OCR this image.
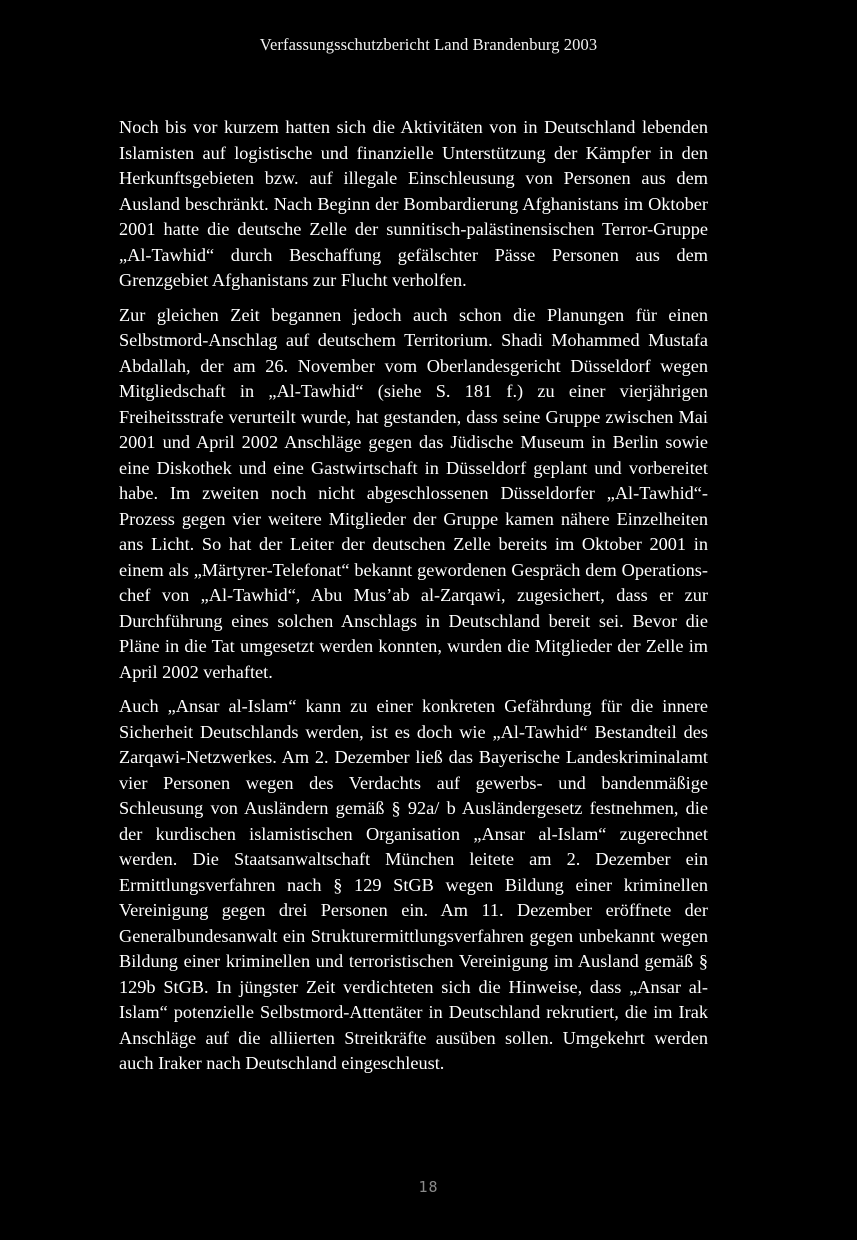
Verfassungsschutzbericht Land Brandenburg 2003

Noch bis vor kurzem hatten sich die Aktivitäten von in Deutschland lebenden Islamisten auf logistische und finanzielle Unterstützung der Kämpfer in den Herkunftsgebieten bzw. auf illegale Einschleusung von Personen aus dem Ausland beschränkt. Nach Beginn der Bombardierung Afghanistans im Oktober 2001 hatte die deutsche Zelle der sunnitisch-palästinensischen Terror-Gruppe „Al-Tawhid“ durch Beschaffung gefälschter Pässe Personen aus dem Grenzgebiet Afghanistans zur Flucht verholfen.

Zur gleichen Zeit begannen jedoch auch schon die Planungen für einen Selbstmord-Anschlag auf deutschem Territorium. Shadi Mohammed Mustafa Abdallah, der am 26. November vom Oberlandesgericht Düsseldorf wegen Mitgliedschaft in „Al-Tawhid“ (siehe S. 181 f.) zu einer vierjährigen Freiheitsstrafe verurteilt wurde, hat gestanden, dass seine Gruppe zwischen Mai 2001 und April 2002 Anschläge gegen das Jüdische Museum in Berlin sowie eine Diskothek und eine Gastwirtschaft in Düsseldorf geplant und vorbereitet habe. Im zweiten noch nicht abgeschlossenen Düsseldorfer „Al-Tawhid“-Prozess gegen vier weitere Mitglieder der Gruppe kamen nähere Einzelheiten ans Licht. So hat der Leiter der deutschen Zelle bereits im Oktober 2001 in einem als „Märtyrer-Telefonat“ bekannt gewordenen Gespräch dem Operationschef von „Al-Tawhid“, Abu Mus’ab al-Zarqawi, zugesichert, dass er zur Durchführung eines solchen Anschlags in Deutschland bereit sei. Bevor die Pläne in die Tat umgesetzt werden konnten, wurden die Mitglieder der Zelle im April 2002 verhaftet.

Auch „Ansar al-Islam“ kann zu einer konkreten Gefährdung für die innere Sicherheit Deutschlands werden, ist es doch wie „Al-Tawhid“ Bestandteil des Zarqawi-Netzwerkes. Am 2. Dezember ließ das Bayerische Landeskriminalamt vier Personen wegen des Verdachts auf gewerbs- und bandenmäßige Schleusung von Ausländern gemäß § 92a/ b Ausländergesetz festnehmen, die der kurdischen islamistischen Organisation „Ansar al-Islam“ zugerechnet werden. Die Staatsanwaltschaft München leitete am 2. Dezember ein Ermittlungsverfahren nach § 129 StGB wegen Bildung einer kriminellen Vereinigung gegen drei Personen ein. Am 11. Dezember eröffnete der Generalbundesanwalt ein Strukturermittlungsverfahren gegen unbekannt wegen Bildung einer kriminellen und terroristischen Vereinigung im Ausland gemäß § 129b StGB. In jüngster Zeit verdichteten sich die Hinweise, dass „Ansar al-Islam“ potenzielle Selbstmord-Attentäter in Deutschland rekrutiert, die im Irak Anschläge auf die alliierten Streitkräfte ausüben sollen. Umgekehrt werden auch Iraker nach Deutschland eingeschleust.

18
